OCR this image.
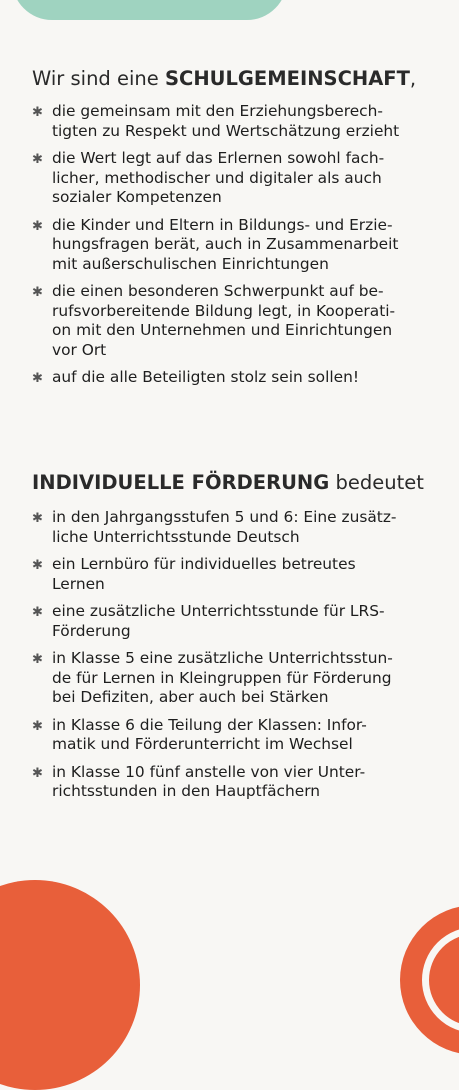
Wir sind eine SCHULGEMEINSCHAFT,
✱ die gemeinsam mit den Erziehungsberech-
tigten zu Respekt und Wertschätzung erzieht
✱ die Wert legt auf das Erlernen sowohl fach-
licher, methodischer und digitaler als auch
sozialer Kompetenzen
✱ die Kinder und Eltern in Bildungs- und Erzie-
hungsfragen berät, auch in Zusammenarbeit
mit außerschulischen Einrichtungen
✱ die einen besonderen Schwerpunkt auf be-
rufsvorbereitende Bildung legt, in Kooperati-
on mit den Unternehmen und Einrichtungen
vor Ort
✱ auf die alle Beteiligten stolz sein sollen!
INDIVIDUELLE FÖRDERUNG bedeutet
✱ in den Jahrgangsstufen 5 und 6: Eine zusätz-
liche Unterrichtsstunde Deutsch
✱ ein Lernbüro für individuelles betreutes
Lernen
✱ eine zusätzliche Unterrichtsstunde für LRS-
Förderung
✱ in Klasse 5 eine zusätzliche Unterrichtsstun-
de für Lernen in Kleingruppen für Förderung
bei Defiziten, aber auch bei Stärken
✱ in Klasse 6 die Teilung der Klassen: Infor-
matik und Förderunterricht im Wechsel
✱ in Klasse 10 fünf anstelle von vier Unter-
richtsstunden in den Hauptfächern
